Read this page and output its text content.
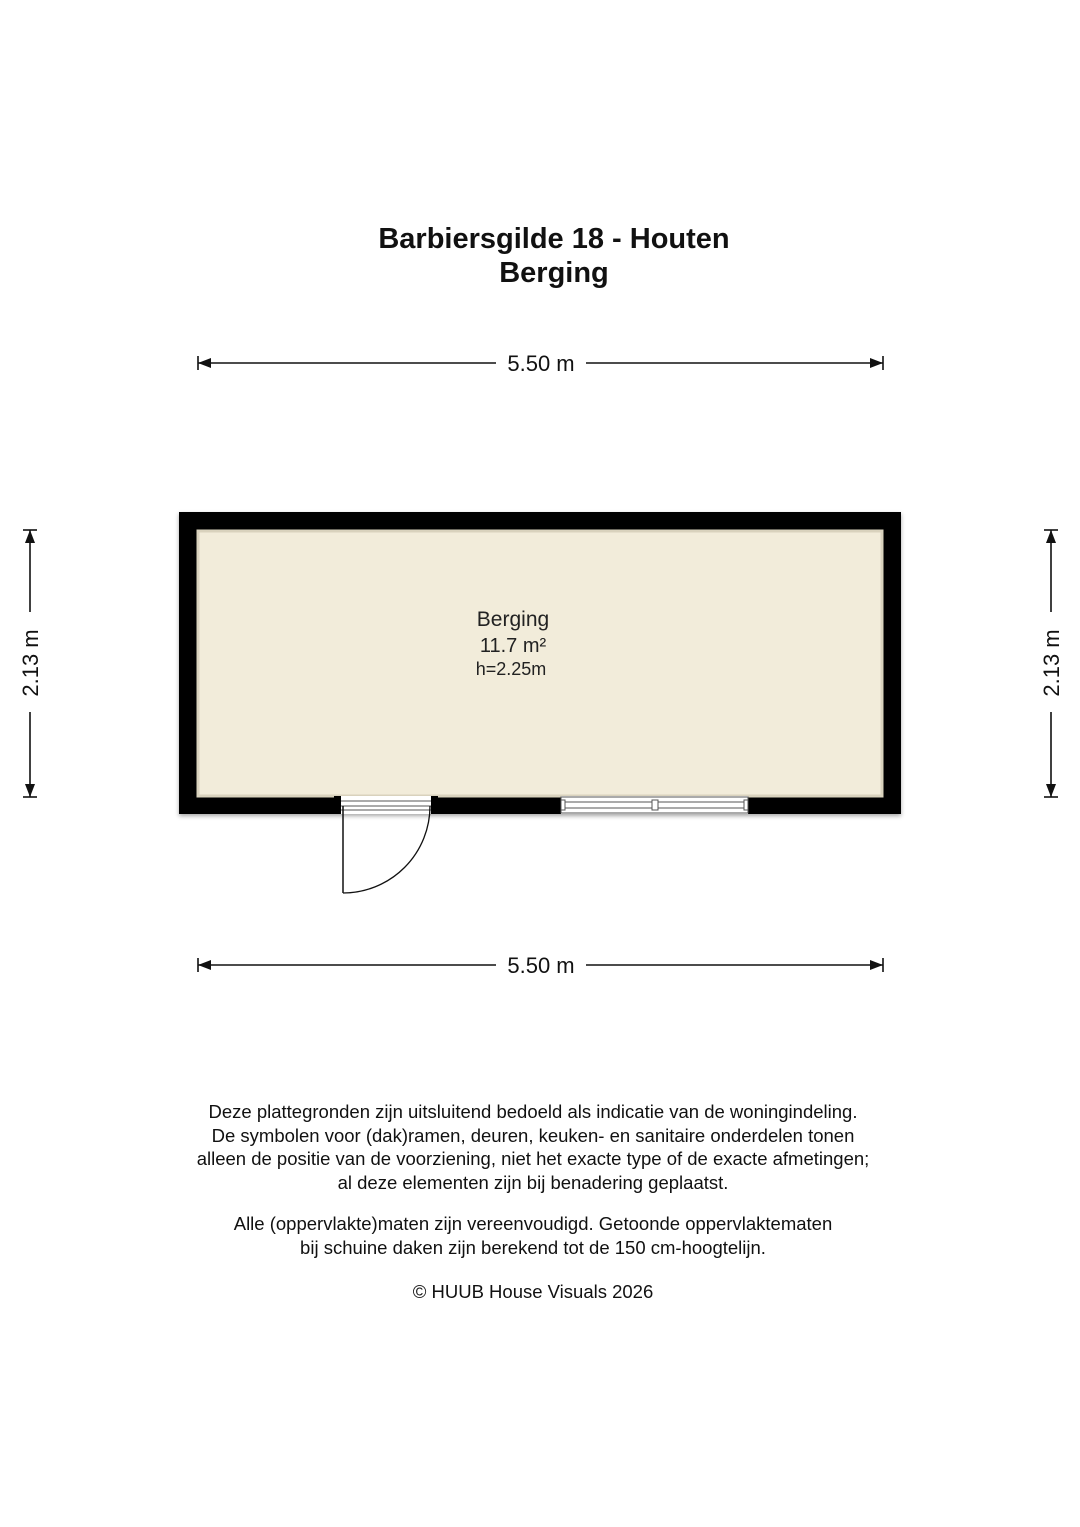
Barbiersgilde 18 - Houten
Berging
5.50 m
5.50 m
2.13 m	2.13 m
Berging
11.7 m²
h=2.25m
Deze plattegronden zijn uitsluitend bedoeld als indicatie van de woningindeling.
De symbolen voor (dak)ramen, deuren, keuken- en sanitaire onderdelen tonen
alleen de positie van de voorziening, niet het exacte type of de exacte afmetingen;
al deze elementen zijn bij benadering geplaatst.
Alle (oppervlakte)maten zijn vereenvoudigd. Getoonde oppervlaktematen
bij schuine daken zijn berekend tot de 150 cm-hoogtelijn.
© HUUB House Visuals 2026
